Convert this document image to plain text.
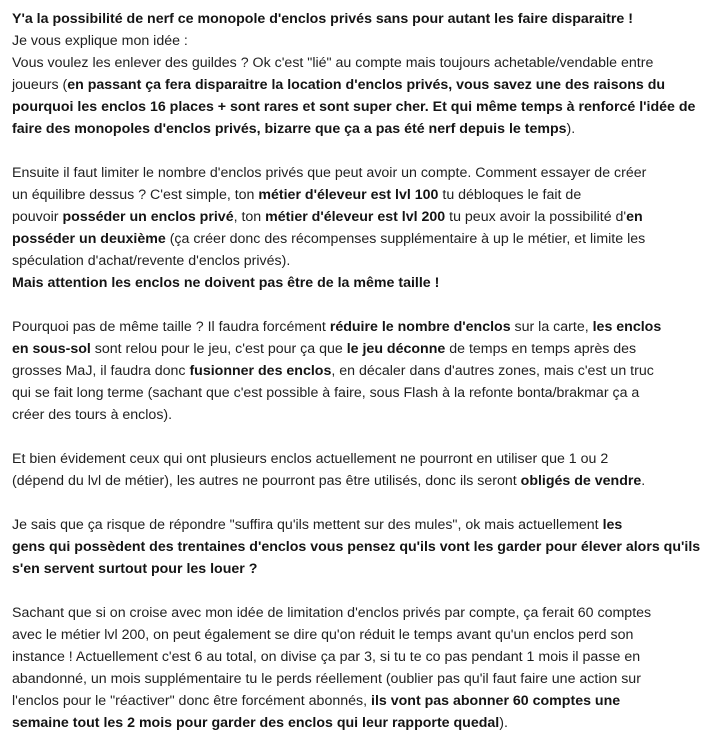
Y'a la possibilité de nerf ce monopole d'enclos privés sans pour autant les faire disparaitre !
Je vous explique mon idée :
Vous voulez les enlever des guildes ? Ok c'est "lié" au compte mais toujours achetable/vendable entre
joueurs (en passant ça fera disparaitre la location d'enclos privés, vous savez une des raisons du
pourquoi les enclos 16 places + sont rares et sont super cher. Et qui même temps à renforcé l'idée de
faire des monopoles d'enclos privés, bizarre que ça a pas été nerf depuis le temps).
Ensuite il faut limiter le nombre d'enclos privés que peut avoir un compte. Comment essayer de créer
un équilibre dessus ? C'est simple, ton métier d'éleveur est lvl 100 tu débloques le fait de
pouvoir posséder un enclos privé, ton métier d'éleveur est lvl 200 tu peux avoir la possibilité d'en
posséder un deuxième (ça créer donc des récompenses supplémentaire à up le métier, et limite les
spéculation d'achat/revente d'enclos privés).
Mais attention les enclos ne doivent pas être de la même taille !
Pourquoi pas de même taille ? Il faudra forcément réduire le nombre d'enclos sur la carte, les enclos
en sous-sol sont relou pour le jeu, c'est pour ça que le jeu déconne de temps en temps après des
grosses MaJ, il faudra donc fusionner des enclos, en décaler dans d'autres zones, mais c'est un truc
qui se fait long terme (sachant que c'est possible à faire, sous Flash à la refonte bonta/brakmar ça a
créer des tours à enclos).
Et bien évidement ceux qui ont plusieurs enclos actuellement ne pourront en utiliser que 1 ou 2
(dépend du lvl de métier), les autres ne pourront pas être utilisés, donc ils seront obligés de vendre.
Je sais que ça risque de répondre "suffira qu'ils mettent sur des mules", ok mais actuellement les
gens qui possèdent des trentaines d'enclos vous pensez qu'ils vont les garder pour élever alors qu'ils
s'en servent surtout pour les louer ?
Sachant que si on croise avec mon idée de limitation d'enclos privés par compte, ça ferait 60 comptes
avec le métier lvl 200, on peut également se dire qu'on réduit le temps avant qu'un enclos perd son
instance ! Actuellement c'est 6 au total, on divise ça par 3, si tu te co pas pendant 1 mois il passe en
abandonné, un mois supplémentaire tu le perds réellement (oublier pas qu'il faut faire une action sur
l'enclos pour le "réactiver" donc être forcément abonnés, ils vont pas abonner 60 comptes une
semaine tout les 2 mois pour garder des enclos qui leur rapporte quedal).
